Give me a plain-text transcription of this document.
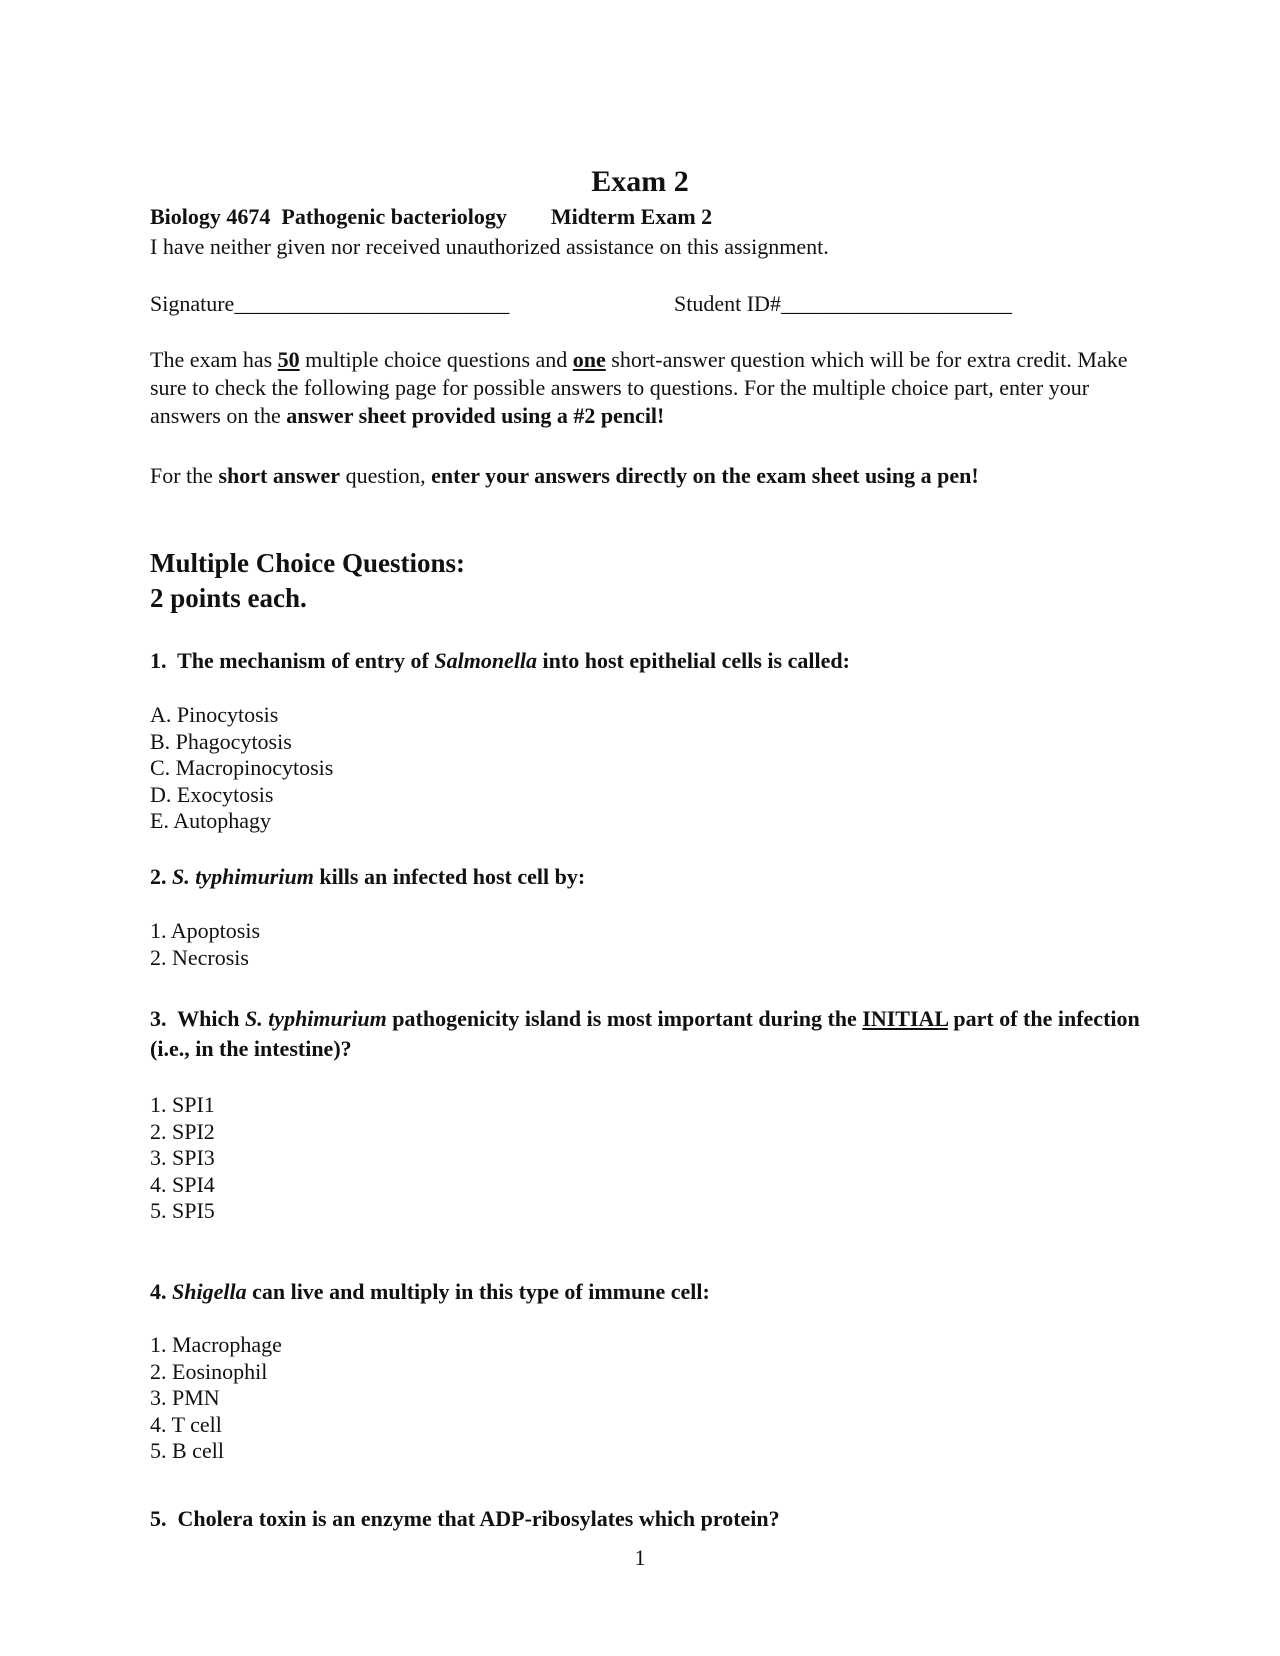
Exam 2
Biology 4674  Pathogenic bacteriology Midterm Exam 2
I have neither given nor received unauthorized assistance on this assignment.
Signature_________________________	Student ID#_____________________
The exam has 50 multiple choice questions and one short-answer question which will be for extra credit. Make sure to check the following page for possible answers to questions. For the multiple choice part, enter your answers on the answer sheet provided using a #2 pencil!
For the short answer question, enter your answers directly on the exam sheet using a pen!
Multiple Choice Questions:
2 points each.
1.  The mechanism of entry of Salmonella into host epithelial cells is called:
A. Pinocytosis
B. Phagocytosis
C. Macropinocytosis
D. Exocytosis
E. Autophagy
2. S. typhimurium kills an infected host cell by:
1. Apoptosis
2. Necrosis
3.  Which S. typhimurium pathogenicity island is most important during the INITIAL part of the infection (i.e., in the intestine)?
1. SPI1
2. SPI2
3. SPI3
4. SPI4
5. SPI5
4. Shigella can live and multiply in this type of immune cell:
1. Macrophage
2. Eosinophil
3. PMN
4. T cell
5. B cell
5.  Cholera toxin is an enzyme that ADP-ribosylates which protein?
1
